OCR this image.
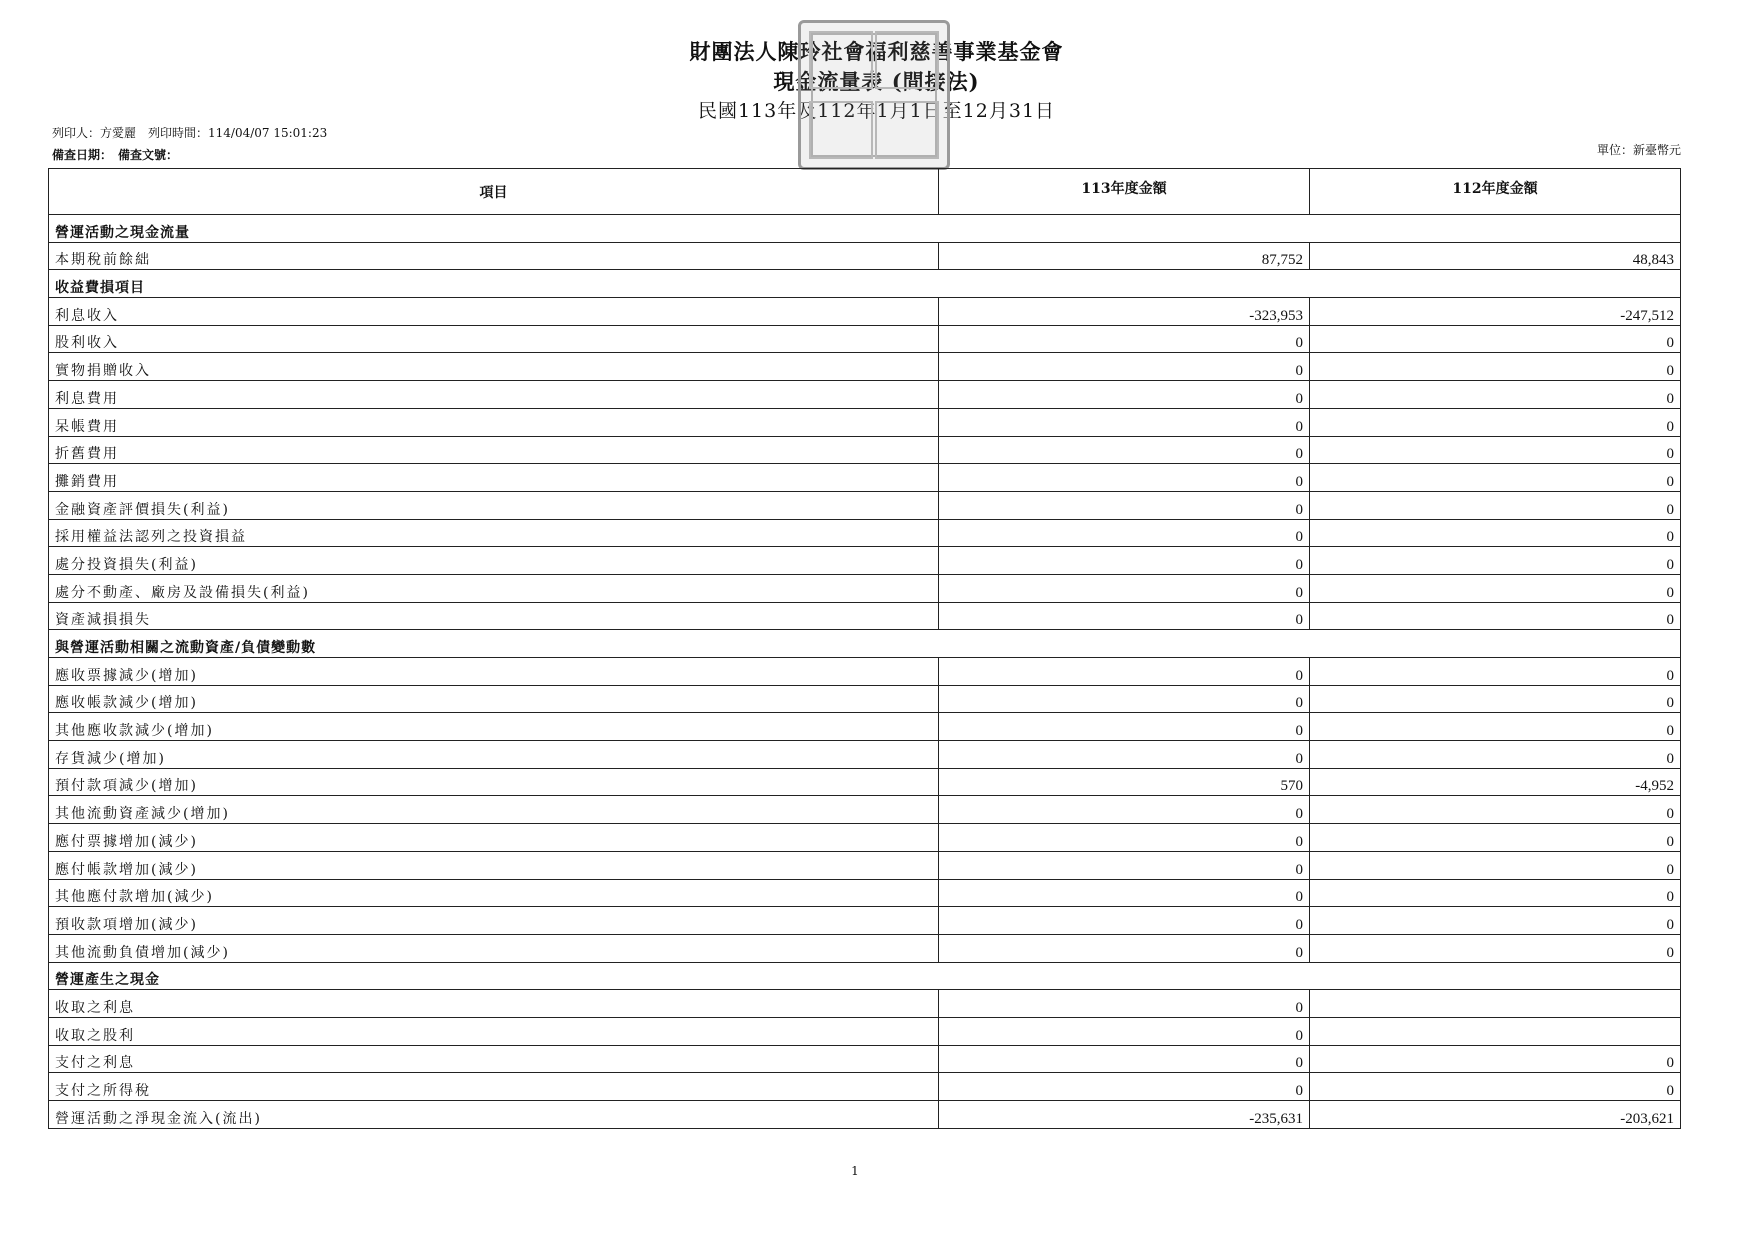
財團法人陳玲社會福利慈善事業基金會
現金流量表 (間接法)
民國113年及112年1月1日至12月31日
列印人：方愛麗　列印時間：114/04/07 15:01:23
備查日期：　備查文號：	單位：新臺幣元
項目	113年度金額	112年度金額
營運活動之現金流量		
本期稅前餘絀	87,752	48,843
收益費損項目		
利息收入	-323,953	-247,512
股利收入	0	0
實物捐贈收入	0	0
利息費用	0	0
呆帳費用	0	0
折舊費用	0	0
攤銷費用	0	0
金融資產評價損失(利益)	0	0
採用權益法認列之投資損益	0	0
處分投資損失(利益)	0	0
處分不動產、廠房及設備損失(利益)	0	0
資產減損損失	0	0
與營運活動相關之流動資產/負債變動數		
應收票據減少(增加)	0	0
應收帳款減少(增加)	0	0
其他應收款減少(增加)	0	0
存貨減少(增加)	0	0
預付款項減少(增加)	570	-4,952
其他流動資產減少(增加)	0	0
應付票據增加(減少)	0	0
應付帳款增加(減少)	0	0
其他應付款增加(減少)	0	0
預收款項增加(減少)	0	0
其他流動負債增加(減少)	0	0
營運產生之現金		
收取之利息	0	
收取之股利	0	
支付之利息	0	0
支付之所得稅	0	0
營運活動之淨現金流入(流出)	-235,631	-203,621
1
